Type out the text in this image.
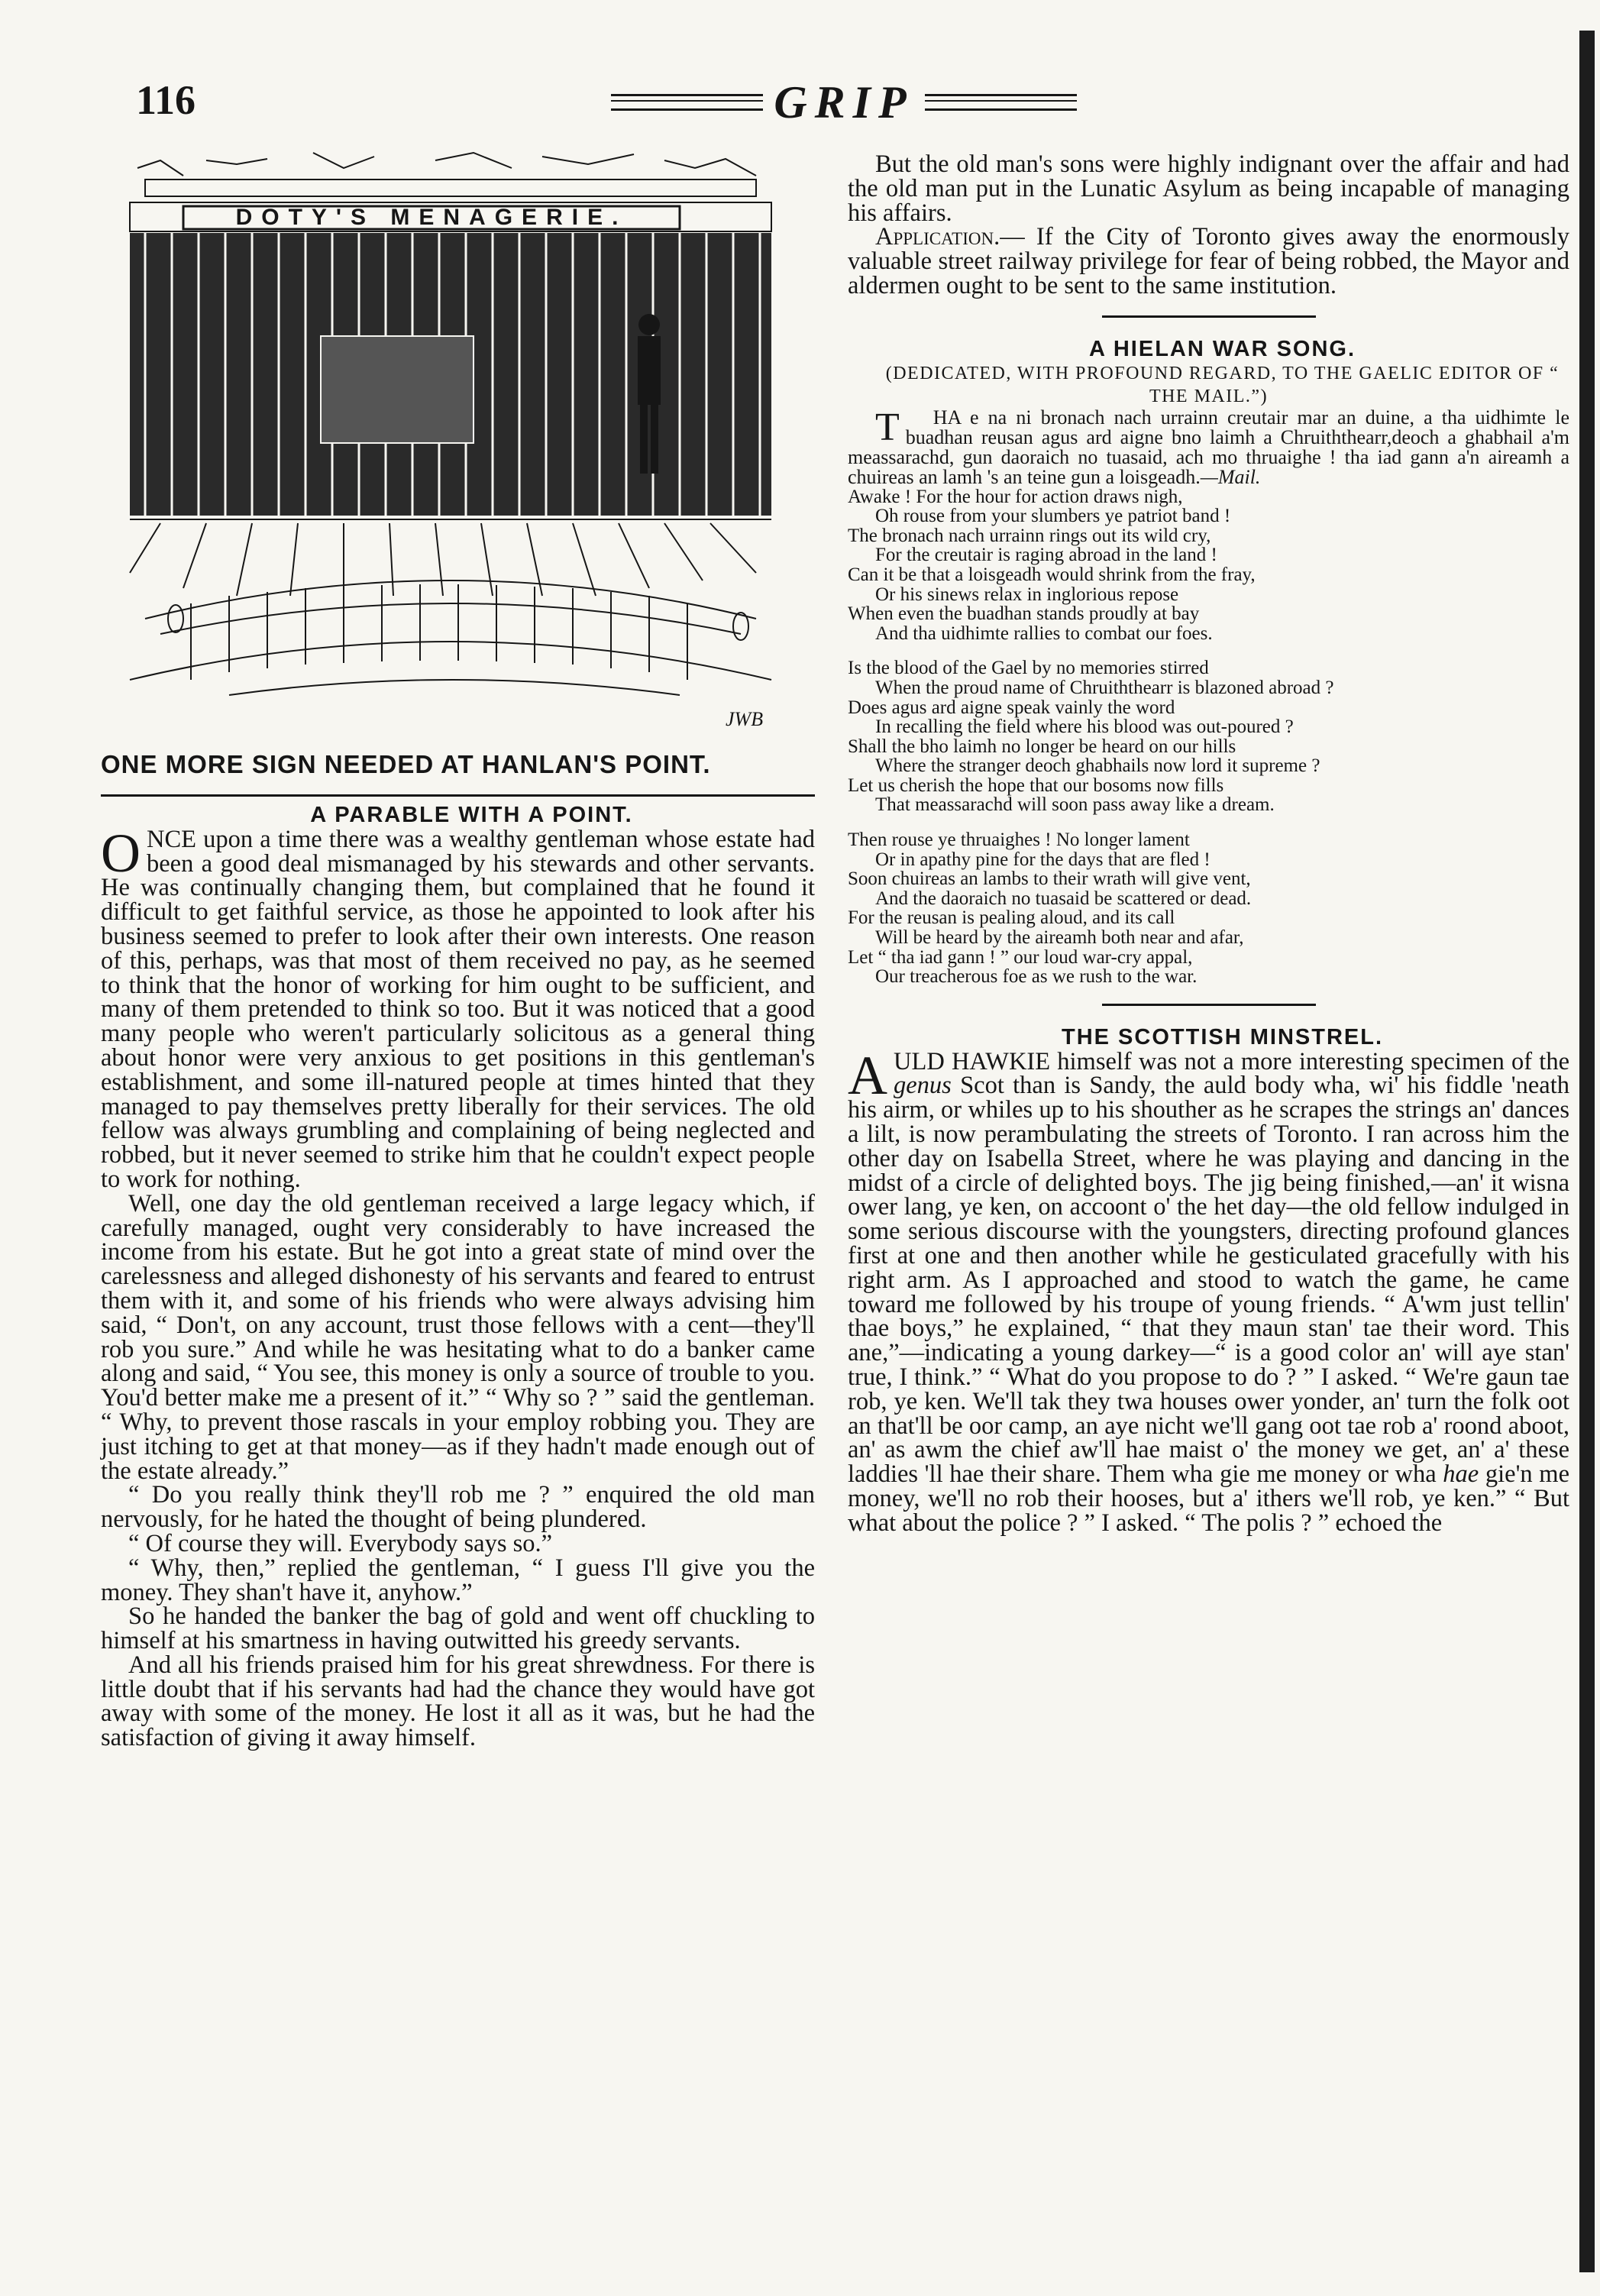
116	GRIP
DOTY'S MENAGERIE.
JWB
ONE MORE SIGN NEEDED AT HANLAN'S POINT.

A PARABLE WITH A POINT.

ONCE upon a time there was a wealthy gentleman whose estate had been a good deal mismanaged by his stewards and other servants. He was continually changing them, but complained that he found it difficult to get faithful service, as those he appointed to look after his business seemed to prefer to look after their own interests. One reason of this, perhaps, was that most of them received no pay, as he seemed to think that the honor of working for him ought to be sufficient, and many of them pretended to think so too. But it was noticed that a good many people who weren't particularly solicitous as a general thing about honor were very anxious to get positions in this gentleman's establishment, and some ill-natured people at times hinted that they managed to pay themselves pretty liberally for their services. The old fellow was always grumbling and complaining of being neglected and robbed, but it never seemed to strike him that he couldn't expect people to work for nothing.

Well, one day the old gentleman received a large legacy which, if carefully managed, ought very considerably to have increased the income from his estate. But he got into a great state of mind over the carelessness and alleged dishonesty of his servants and feared to entrust them with it, and some of his friends who were always advising him said, “ Don't, on any account, trust those fellows with a cent—they'll rob you sure.” And while he was hesitating what to do a banker came along and said, “ You see, this money is only a source of trouble to you. You'd better make me a present of it.” “ Why so ? ” said the gentleman. “ Why, to prevent those rascals in your employ robbing you. They are just itching to get at that money—as if they hadn't made enough out of the estate already.”

“ Do you really think they'll rob me ? ” enquired the old man nervously, for he hated the thought of being plundered.

“ Of course they will. Everybody says so.”

“ Why, then,” replied the gentleman, “ I guess I'll give you the money. They shan't have it, anyhow.”

So he handed the banker the bag of gold and went off chuckling to himself at his smartness in having outwitted his greedy servants.

And all his friends praised him for his great shrewdness. For there is little doubt that if his servants had had the chance they would have got away with some of the money. He lost it all as it was, but he had the satisfaction of giving it away himself.

But the old man's sons were highly indignant over the affair and had the old man put in the Lunatic Asylum as being incapable of managing his affairs.

Application.— If the City of Toronto gives away the enormously valuable street railway privilege for fear of being robbed, the Mayor and aldermen ought to be sent to the same institution.

A HIELAN WAR SONG.

(DEDICATED, WITH PROFOUND REGARD, TO THE GAELIC EDITOR OF “ THE MAIL.”)

T HA e na ni bronach nach urrainn creutair mar an duine, a tha uidhimte le buadhan reusan agus ard aigne bno laimh a Chruiththearr,deoch a ghabhail a'm meassarachd, gun daoraich no tuasaid, ach mo thruaighe ! tha iad gann a'n aireamh a chuireas an lamh 's an teine gun a loisgeadh.—Mail.

Awake ! For the hour for action draws nigh,
Oh rouse from your slumbers ye patriot band !
The bronach nach urrainn rings out its wild cry,
For the creutair is raging abroad in the land !
Can it be that a loisgeadh would shrink from the fray,
Or his sinews relax in inglorious repose
When even the buadhan stands proudly at bay
And tha uidhimte rallies to combat our foes.
Is the blood of the Gael by no memories stirred
When the proud name of Chruiththearr is blazoned abroad ?
Does agus ard aigne speak vainly the word
In recalling the field where his blood was out-poured ?
Shall the bho laimh no longer be heard on our hills
Where the stranger deoch ghabhails now lord it supreme ?
Let us cherish the hope that our bosoms now fills
That meassarachd will soon pass away like a dream.
Then rouse ye thruaighes ! No longer lament
Or in apathy pine for the days that are fled !
Soon chuireas an lambs to their wrath will give vent,
And the daoraich no tuasaid be scattered or dead.
For the reusan is pealing aloud, and its call
Will be heard by the aireamh both near and afar,
Let “ tha iad gann ! ” our loud war-cry appal,
Our treacherous foe as we rush to the war.

THE SCOTTISH MINSTREL.

AULD HAWKIE himself was not a more interesting specimen of the genus Scot than is Sandy, the auld body wha, wi' his fiddle 'neath his airm, or whiles up to his shouther as he scrapes the strings an' dances a lilt, is now perambulating the streets of Toronto. I ran across him the other day on Isabella Street, where he was playing and dancing in the midst of a circle of delighted boys. The jig being finished,—an' it wisna ower lang, ye ken, on accoont o' the het day—the old fellow indulged in some serious discourse with the youngsters, directing profound glances first at one and then another while he gesticulated gracefully with his right arm. As I approached and stood to watch the game, he came toward me followed by his troupe of young friends. “ A'wm just tellin' thae boys,” he explained, “ that they maun stan' tae their word. This ane,”—indicating a young darkey—“ is a good color an' will aye stan' true, I think.” “ What do you propose to do ? ” I asked. “ We're gaun tae rob, ye ken. We'll tak they twa houses ower yonder, an' turn the folk oot an that'll be oor camp, an aye nicht we'll gang oot tae rob a' roond aboot, an' as awm the chief aw'll hae maist o' the money we get, an' a' these laddies 'll hae their share. Them wha gie me money or wha hae gie'n me money, we'll no rob their hooses, but a' ithers we'll rob, ye ken.” “ But what about the police ? ” I asked. “ The polis ? ” echoed the
